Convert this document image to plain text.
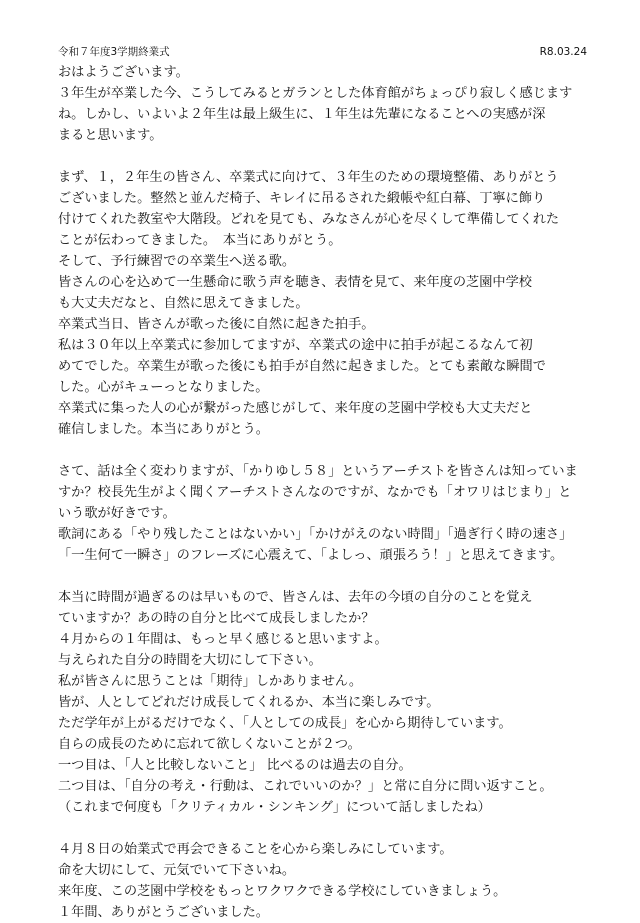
令和７年度3学期終業式	R8.03.24
おはようございます。
３年生が卒業した今、こうしてみるとガランとした体育館がちょっぴり寂しく感じます
ね。しかし、いよいよ２年生は最上級生に、１年生は先輩になることへの実感が深
まると思います。
まず、１，２年生の皆さん、卒業式に向けて、３年生のための環境整備、ありがとう
ございました。整然と並んだ椅子、キレイに吊るされた緞帳や紅白幕、丁寧に飾り
付けてくれた教室や大階段。どれを見ても、みなさんが心を尽くして準備してくれた
ことが伝わってきました。　本当にありがとう。
そして、予行練習での卒業生へ送る歌。
皆さんの心を込めて一生懸命に歌う声を聴き、表情を見て、来年度の芝園中学校
も大丈夫だなと、自然に思えてきました。
卒業式当日、皆さんが歌った後に自然に起きた拍手。
私は３０年以上卒業式に参加してますが、卒業式の途中に拍手が起こるなんて初
めてでした。卒業生が歌った後にも拍手が自然に起きました。とても素敵な瞬間で
した。心がキューっとなりました。
卒業式に集った人の心が繋がった感じがして、来年度の芝園中学校も大丈夫だと
確信しました。本当にありがとう。
さて、話は全く変わりますが、「かりゆし５８」というアーチストを皆さんは知っていま
すか？校長先生がよく聞くアーチストさんなのですが、なかでも「オワリはじまり」と
いう歌が好きです。
歌詞にある「やり残したことはないかい」「かけがえのない時間」「過ぎ行く時の速さ」
「一生何て一瞬さ」のフレーズに心震えて、「よしっ、頑張ろう！」と思えてきます。
本当に時間が過ぎるのは早いもので、皆さんは、去年の今頃の自分のことを覚え
ていますか？あの時の自分と比べて成長しましたか？
４月からの１年間は、もっと早く感じると思いますよ。
与えられた自分の時間を大切にして下さい。
私が皆さんに思うことは「期待」しかありません。
皆が、人としてどれだけ成長してくれるか、本当に楽しみです。
ただ学年が上がるだけでなく、「人としての成長」を心から期待しています。
自らの成長のために忘れて欲しくないことが２つ。
一つ目は、「人と比較しないこと」 比べるのは過去の自分。
二つ目は、「自分の考え・行動は、これでいいのか？」と常に自分に問い返すこと。
（これまで何度も「クリティカル・シンキング」について話しましたね）
４月８日の始業式で再会できることを心から楽しみにしています。
命を大切にして、元気でいて下さいね。
来年度、この芝園中学校をもっとワクワクできる学校にしていきましょう。
１年間、ありがとうございました。
